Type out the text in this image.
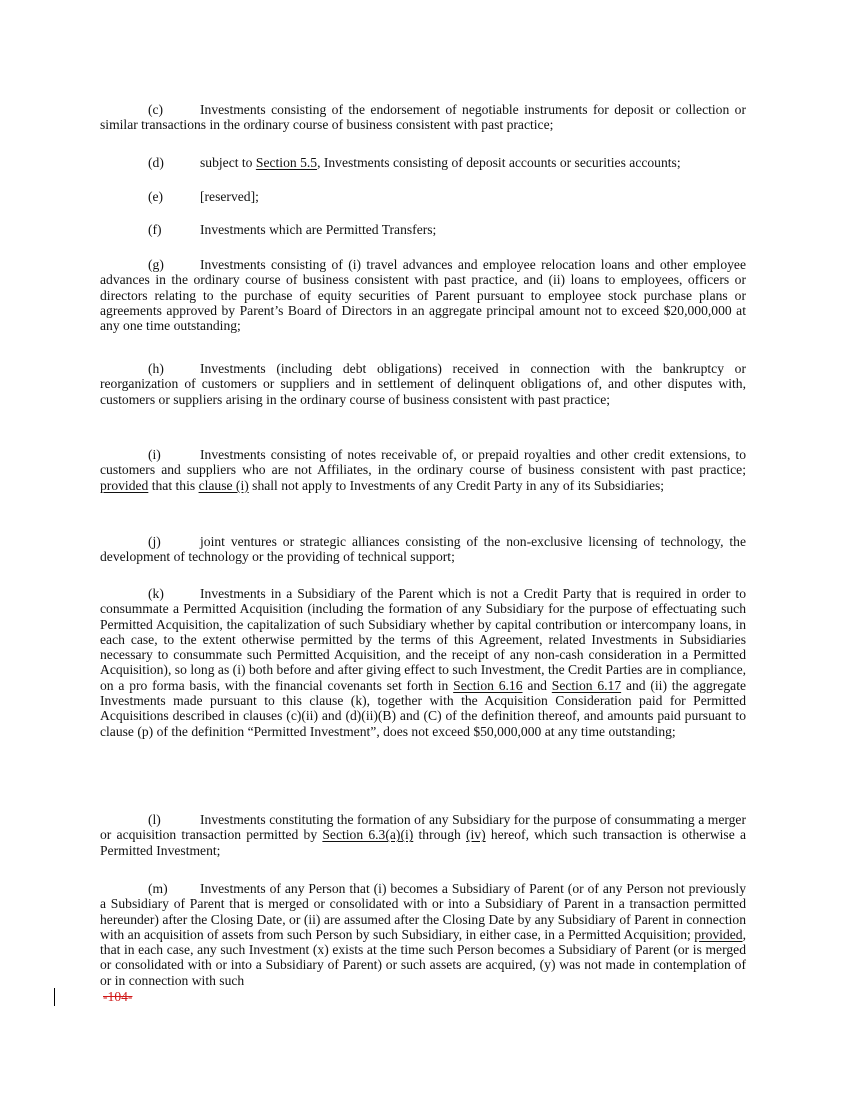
(c)	Investments consisting of the endorsement of negotiable instruments for deposit or collection or similar transactions in the ordinary course of business consistent with past practice;

(d)	subject to Section 5.5, Investments consisting of deposit accounts or securities accounts;

(e)	[reserved];

(f)	Investments which are Permitted Transfers;

(g)	Investments consisting of (i) travel advances and employee relocation loans and other employee advances in the ordinary course of business consistent with past practice, and (ii) loans to employees, officers or directors relating to the purchase of equity securities of Parent pursuant to employee stock purchase plans or agreements approved by Parent’s Board of Directors in an aggregate principal amount not to exceed $20,000,000 at any one time outstanding;

(h)	Investments (including debt obligations) received in connection with the bankruptcy or reorganization of customers or suppliers and in settlement of delinquent obligations of, and other disputes with, customers or suppliers arising in the ordinary course of business consistent with past practice;

(i)	Investments consisting of notes receivable of, or prepaid royalties and other credit extensions, to customers and suppliers who are not Affiliates, in the ordinary course of business consistent with past practice; provided that this clause (i) shall not apply to Investments of any Credit Party in any of its Subsidiaries;

(j)	joint ventures or strategic alliances consisting of the non-exclusive licensing of technology, the development of technology or the providing of technical support;

(k)	Investments in a Subsidiary of the Parent which is not a Credit Party that is required in order to consummate a Permitted Acquisition (including the formation of any Subsidiary for the purpose of effectuating such Permitted Acquisition, the capitalization of such Subsidiary whether by capital contribution or intercompany loans, in each case, to the extent otherwise permitted by the terms of this Agreement, related Investments in Subsidiaries necessary to consummate such Permitted Acquisition, and the receipt of any non-cash consideration in a Permitted Acquisition), so long as (i) both before and after giving effect to such Investment, the Credit Parties are in compliance, on a pro forma basis, with the financial covenants set forth in Section 6.16 and Section 6.17 and (ii) the aggregate Investments made pursuant to this clause (k), together with the Acquisition Consideration paid for Permitted Acquisitions described in clauses (c)(ii) and (d)(ii)(B) and (C) of the definition thereof, and amounts paid pursuant to clause (p) of the definition “Permitted Investment”, does not exceed $50,000,000 at any time outstanding;

(l)	Investments constituting the formation of any Subsidiary for the purpose of consummating a merger or acquisition transaction permitted by Section 6.3(a)(i) through (iv) hereof, which such transaction is otherwise a Permitted Investment;

(m) Investments of any Person that (i) becomes a Subsidiary of Parent (or of any Person not previously a Subsidiary of Parent that is merged or consolidated with or into a Subsidiary of Parent in a transaction permitted hereunder) after the Closing Date, or (ii) are assumed after the Closing Date by any Subsidiary of Parent in connection with an acquisition of assets from such Person by such Subsidiary, in either case, in a Permitted Acquisition; provided, that in each case, any such Investment (x) exists at the time such Person becomes a Subsidiary of Parent (or is merged or consolidated with or into a Subsidiary of Parent) or such assets are acquired, (y) was not made in contemplation of or in connection with such

-104-
